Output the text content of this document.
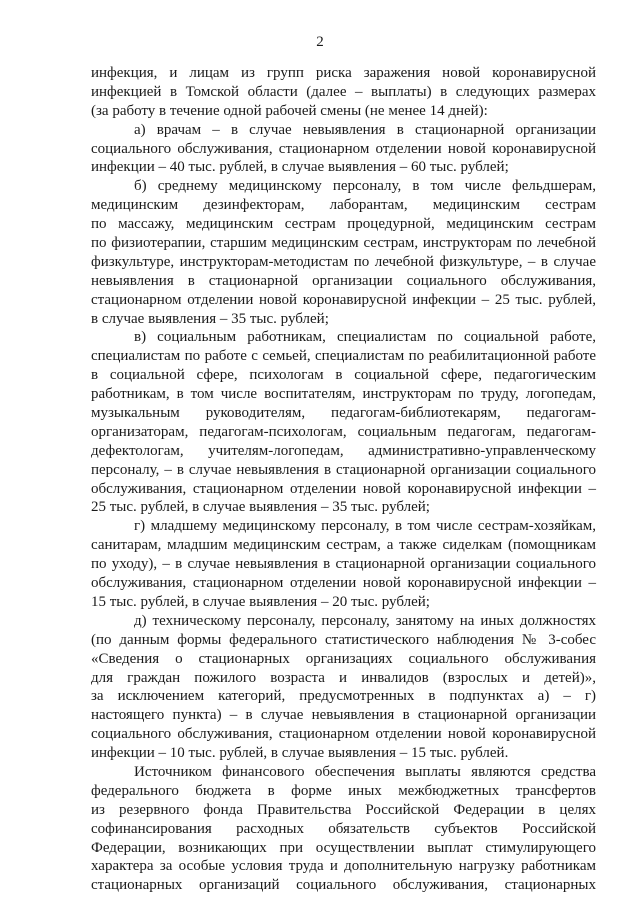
2
инфекция, и лицам из групп риска заражения новой коронавирусной
инфекцией в Томской области (далее – выплаты) в следующих размерах
(за работу в течение одной рабочей смены (не менее 14 дней):
а) врачам – в случае невыявления в стационарной организации
социального обслуживания, стационарном отделении новой коронавирусной
инфекции – 40 тыс. рублей, в случае выявления – 60 тыс. рублей;
б) среднему медицинскому персоналу, в том числе фельдшерам,
медицинским дезинфекторам, лаборантам, медицинским сестрам
по массажу, медицинским сестрам процедурной, медицинским сестрам
по физиотерапии, старшим медицинским сестрам, инструкторам по лечебной
физкультуре, инструкторам-методистам по лечебной физкультуре, – в случае
невыявления в стационарной организации социального обслуживания,
стационарном отделении новой коронавирусной инфекции – 25 тыс. рублей,
в случае выявления – 35 тыс. рублей;
в) социальным работникам, специалистам по социальной работе,
специалистам по работе с семьей, специалистам по реабилитационной работе
в социальной сфере, психологам в социальной сфере, педагогическим
работникам, в том числе воспитателям, инструкторам по труду, логопедам,
музыкальным руководителям, педагогам-библиотекарям, педагогам-
организаторам, педагогам-психологам, социальным педагогам, педагогам-
дефектологам, учителям-логопедам, административно-управленческому
персоналу, – в случае невыявления в стационарной организации социального
обслуживания, стационарном отделении новой коронавирусной инфекции –
25 тыс. рублей, в случае выявления – 35 тыс. рублей;
г) младшему медицинскому персоналу, в том числе сестрам-хозяйкам,
санитарам, младшим медицинским сестрам, а также сиделкам (помощникам
по уходу), – в случае невыявления в стационарной организации социального
обслуживания, стационарном отделении новой коронавирусной инфекции –
15 тыс. рублей, в случае выявления – 20 тыс. рублей;
д) техническому персоналу, персоналу, занятому на иных должностях
(по данным формы федерального статистического наблюдения № 3-собес
«Сведения о стационарных организациях социального обслуживания
для граждан пожилого возраста и инвалидов (взрослых и детей)»,
за исключением категорий, предусмотренных в подпунктах а) – г)
настоящего пункта) – в случае невыявления в стационарной организации
социального обслуживания, стационарном отделении новой коронавирусной
инфекции – 10 тыс. рублей, в случае выявления – 15 тыс. рублей.
Источником финансового обеспечения выплаты являются средства
федерального бюджета в форме иных межбюджетных трансфертов
из резервного фонда Правительства Российской Федерации в целях
софинансирования расходных обязательств субъектов Российской
Федерации, возникающих при осуществлении выплат стимулирующего
характера за особые условия труда и дополнительную нагрузку работникам
стационарных организаций социального обслуживания, стационарных
